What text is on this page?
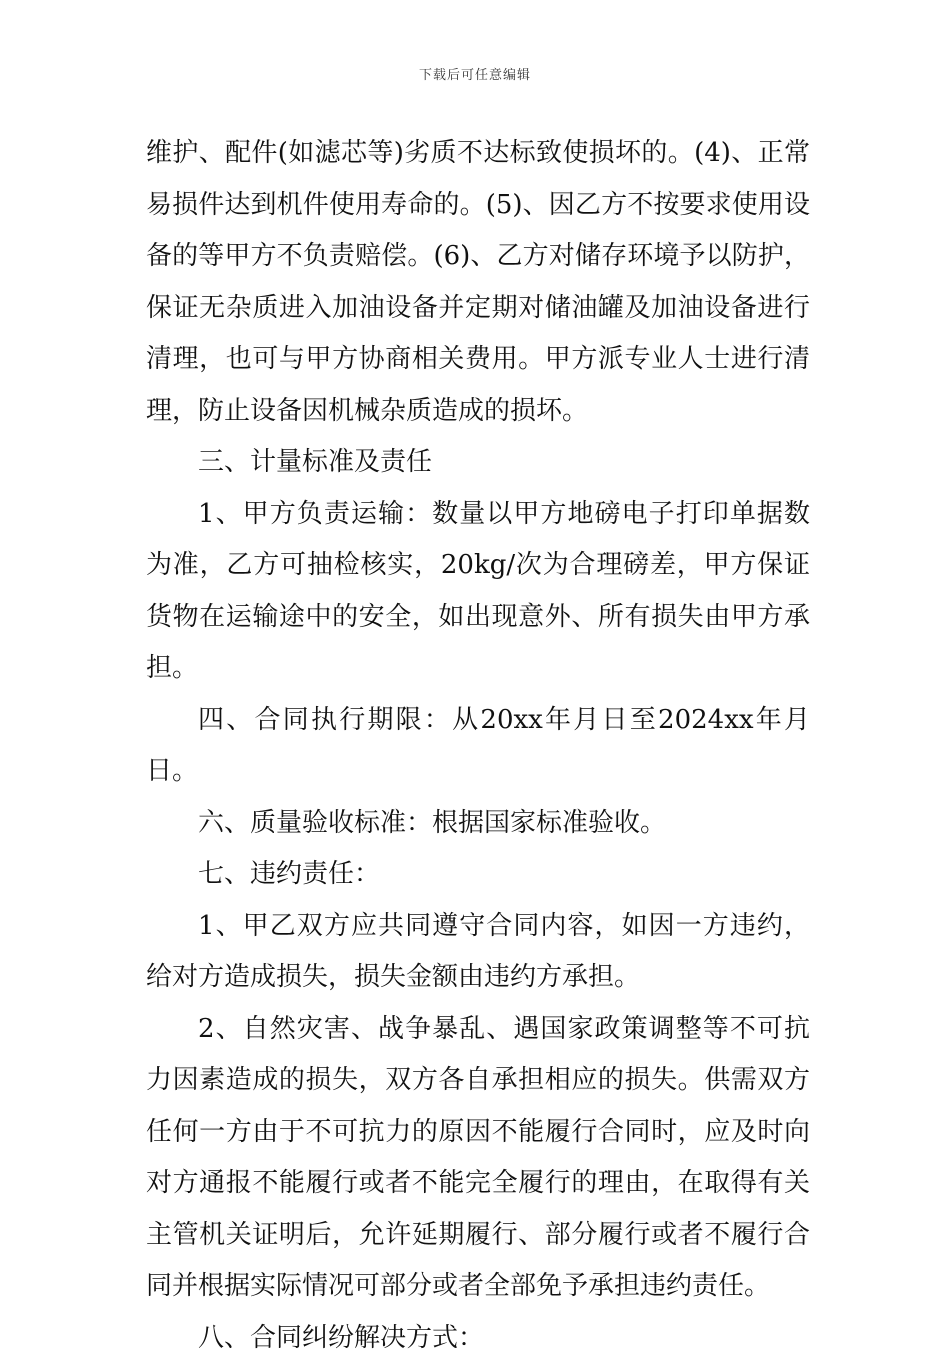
下载后可任意编辑

维护、配件(如滤芯等)劣质不达标致使损坏的。(4)、正常易损件达到机件使用寿命的。(5)、因乙方不按要求使用设备的等甲方不负责赔偿。(6)、乙方对储存环境予以防护，保证无杂质进入加油设备并定期对储油罐及加油设备进行清理，也可与甲方协商相关费用。甲方派专业人士进行清理，防止设备因机械杂质造成的损坏。

三、计量标准及责任

1、甲方负责运输：数量以甲方地磅电子打印单据数为准，乙方可抽检核实，20kg/次为合理磅差，甲方保证货物在运输途中的安全，如出现意外、所有损失由甲方承担。

四、合同执行期限：从20xx年月日至2024xx年月日。

六、质量验收标准：根据国家标准验收。

七、违约责任：

1、甲乙双方应共同遵守合同内容，如因一方违约，给对方造成损失，损失金额由违约方承担。

2、自然灾害、战争暴乱、遇国家政策调整等不可抗力因素造成的损失，双方各自承担相应的损失。供需双方任何一方由于不可抗力的原因不能履行合同时，应及时向对方通报不能履行或者不能完全履行的理由，在取得有关主管机关证明后，允许延期履行、部分履行或者不履行合同并根据实际情况可部分或者全部免予承担违约责任。

八、合同纠纷解决方式：
